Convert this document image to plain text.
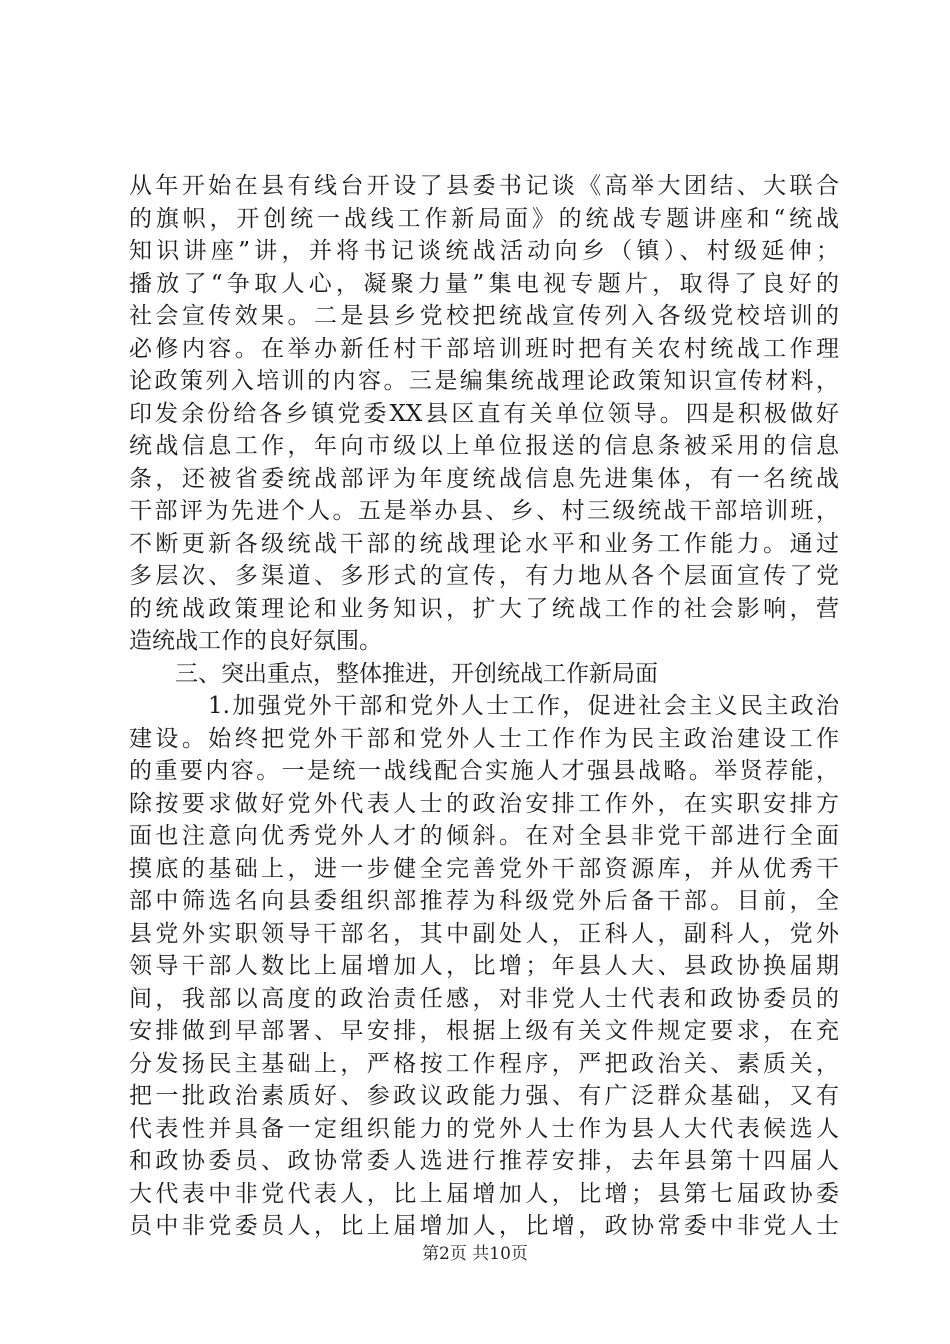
从年开始在县有线台开设了县委书记谈《高举大团结、大联合
的旗帜，开创统一战线工作新局面》的统战专题讲座和“统战
知识讲座”讲，并将书记谈统战活动向乡（镇）、村级延伸；
播放了“争取人心，凝聚力量”集电视专题片，取得了良好的
社会宣传效果。二是县乡党校把统战宣传列入各级党校培训的
必修内容。在举办新任村干部培训班时把有关农村统战工作理
论政策列入培训的内容。三是编集统战理论政策知识宣传材料，
印发余份给各乡镇党委XX县区直有关单位领导。四是积极做好
统战信息工作，年向市级以上单位报送的信息条被采用的信息
条，还被省委统战部评为年度统战信息先进集体，有一名统战
干部评为先进个人。五是举办县、乡、村三级统战干部培训班，
不断更新各级统战干部的统战理论水平和业务工作能力。通过
多层次、多渠道、多形式的宣传，有力地从各个层面宣传了党
的统战政策理论和业务知识，扩大了统战工作的社会影响，营
造统战工作的良好氛围。
三、突出重点，整体推进，开创统战工作新局面
1.加强党外干部和党外人士工作，促进社会主义民主政治
建设。始终把党外干部和党外人士工作作为民主政治建设工作
的重要内容。一是统一战线配合实施人才强县战略。举贤荐能，
除按要求做好党外代表人士的政治安排工作外，在实职安排方
面也注意向优秀党外人才的倾斜。在对全县非党干部进行全面
摸底的基础上，进一步健全完善党外干部资源库，并从优秀干
部中筛选名向县委组织部推荐为科级党外后备干部。目前，全
县党外实职领导干部名，其中副处人，正科人，副科人，党外
领导干部人数比上届增加人，比增；年县人大、县政协换届期
间，我部以高度的政治责任感，对非党人士代表和政协委员的
安排做到早部署、早安排，根据上级有关文件规定要求，在充
分发扬民主基础上，严格按工作程序，严把政治关、素质关，
把一批政治素质好、参政议政能力强、有广泛群众基础，又有
代表性并具备一定组织能力的党外人士作为县人大代表候选人
和政协委员、政协常委人选进行推荐安排，去年县第十四届人
大代表中非党代表人，比上届增加人，比增；县第七届政协委
员中非党委员人，比上届增加人，比增，政协常委中非党人士
第2页 共10页
